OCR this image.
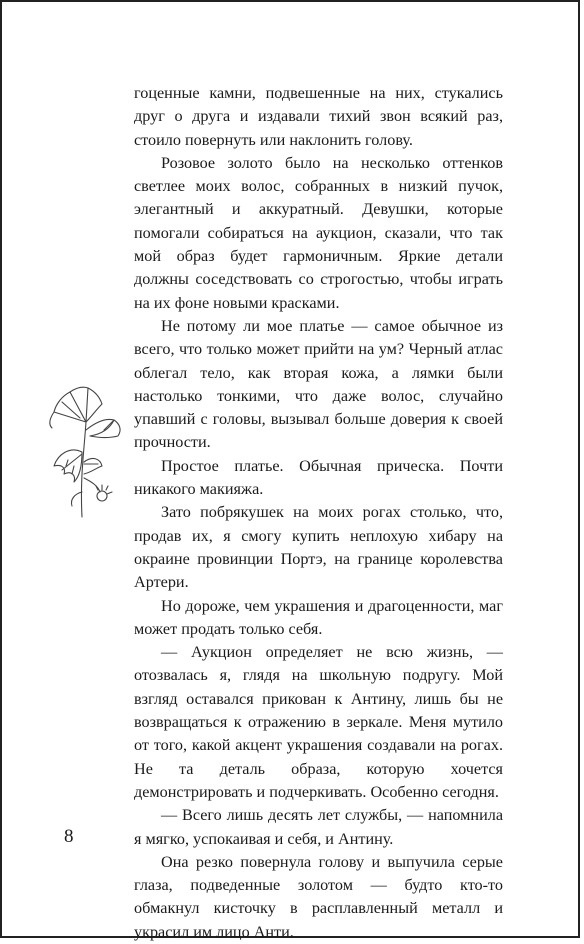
гоценные камни, подвешенные на них, стукались друг о друга и издавали тихий звон всякий раз, стоило повернуть или наклонить голову.

Розовое золото было на несколько оттенков светлее моих волос, собранных в низкий пучок, элегантный и аккуратный. Девушки, которые помогали собираться на аукцион, сказали, что так мой образ будет гармоничным. Яркие детали должны соседствовать со строгостью, чтобы играть на их фоне новыми красками.

Не потому ли мое платье — самое обычное из всего, что только может прийти на ум? Черный атлас облегал тело, как вторая кожа, а лямки были настолько тонкими, что даже волос, случайно упавший с головы, вызывал больше доверия к своей прочности.

Простое платье. Обычная прическа. Почти никакого макияжа.

Зато побрякушек на моих рогах столько, что, продав их, я смогу купить неплохую хибару на окраине провинции Портэ, на границе королевства Артери.

Но дороже, чем украшения и драгоценности, маг может продать только себя.

— Аукцион определяет не всю жизнь, — отозвалась я, глядя на школьную подругу. Мой взгляд оставался прикован к Антину, лишь бы не возвращаться к отражению в зеркале. Меня мутило от того, какой акцент украшения создавали на рогах. Не та деталь образа, которую хочется демонстрировать и подчеркивать. Особенно сегодня.

— Всего лишь десять лет службы, — напомнила я мягко, успокаивая и себя, и Антину.

Она резко повернула голову и выпучила серые глаза, подведенные золотом — будто кто-то обмакнул кисточку в расплавленный металл и украсил им лицо Анти.

8
